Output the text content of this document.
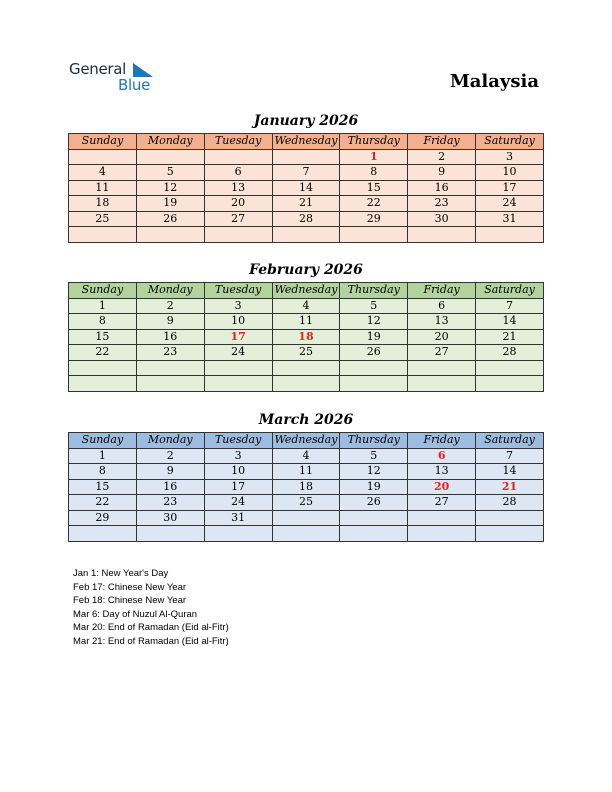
General
Blue	Malaysia
January 2026
Sunday	Monday	Tuesday	Wednesday	Thursday	Friday	Saturday
				1	2	3
4	5	6	7	8	9	10
11	12	13	14	15	16	17
18	19	20	21	22	23	24
25	26	27	28	29	30	31

February 2026
Sunday	Monday	Tuesday	Wednesday	Thursday	Friday	Saturday
1	2	3	4	5	6	7
8	9	10	11	12	13	14
15	16	17	18	19	20	21
22	23	24	25	26	27	28

March 2026
Sunday	Monday	Tuesday	Wednesday	Thursday	Friday	Saturday
1	2	3	4	5	6	7
8	9	10	11	12	13	14
15	16	17	18	19	20	21
22	23	24	25	26	27	28
29	30	31				

Jan 1: New Year's Day
Feb 17: Chinese New Year
Feb 18: Chinese New Year
Mar 6: Day of Nuzul Al-Quran
Mar 20: End of Ramadan (Eid al-Fitr)
Mar 21: End of Ramadan (Eid al-Fitr)
